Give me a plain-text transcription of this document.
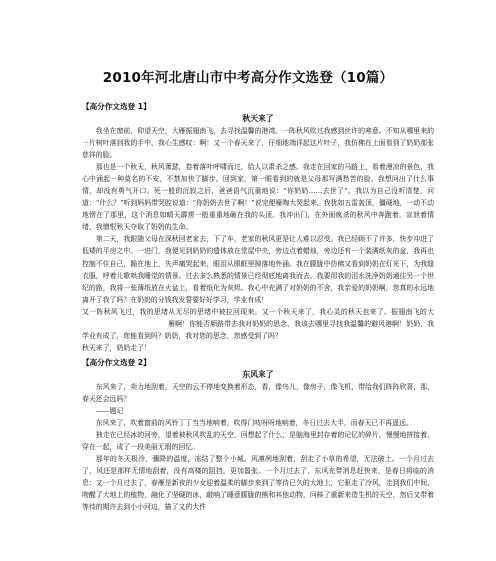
2010年河北唐山市中考高分作文选登（10篇）
【高分作文选登 1】
秋天来了

我坐在窗前，仰望天空，大雁振翅南飞，去寻找温馨的港湾。一阵秋风吹过我感到丝许的寒意。不知从哪里来的一片树叶落到我的手中，我心生感叹：啊！又一个春天来了，仔细地端详起这片叶子，我仿佛在上面看到了奶奶那张慈祥的脸。

那也是一个秋天，秋风萧瑟，卷着落叶呼啸而过，给人以肃杀之感。我走在回家的马路上，看着漫凉的景色，我心中涌起一种莫名的不安，不禁加快了脚步。回到家，第一眼看到的就是父母那写满愁苦的脸。我想问出了什么事情，却没有勇气开口。死一般的沉寂之后，爸爸语气沉重地说：“你奶奶……去世了”。我以为自己没听清楚，问道：“什么？”听到妈妈带哭腔说道：“你奶奶去世了啊！”说完便嚎啕大哭起来，我犹如五雷轰顶，僵硬地，一动不动地愣在了那里，这个消息如晴天霹雳一般重重地砸在我的头顶。我冲出门，在外面疯杀的秋风中奔跑着，宣泄着情绪，我憎恨秋天夺取了奶奶的生命。

第二天，我跟随父母在深秋回老家去，下了车，老家的秋风更是让人难以忍受。我已经顾不了许多，快步冲进了低矮的平房之中。一进门，我便见到奶奶的遗体放在堂屋中央，旁边点着蜡烛，旁边还有一个装满纸灰的盆，我再也控制不住自己，跪在地上，失声痛哭起来，眼泪从眼眶里掉落地外涌。我在朦胧中仿佛又看到奶奶在灯光下，为我缝衣服，呼着儿歌哄我睡觉的情景。过去多么熟悉的情景已经彻底地离我而去。我要用我的泪水洗净奶奶通往另一个世纪的路，我将一张薄纸放在火盆上，看着纸化为灰烬。我心中充满了对奶奶的不舍，我亲爱的奶奶啊，您真的永远地离开了我了吗？在奶奶的分钱我发誓要好好学习，学业有成！

又一阵秋风飞过，我的思绪从无尽的思绪中被拉回现来。又一个秋天来了，我心灵的秋天也来了。振翅南飞的大雁啊！你能否顺路带去我对奶奶的思念，我该去哪里寻找我温馨的避风港啊！奶奶，我学业有成了，您能看到吗？奶奶，我对您的思念，您感受到了吗？

秋天来了，奶奶走了！

【高分作文选登 2】
东风来了

东风来了，卖力地刮着，天空的云不停地变换着形态，看，像鸟儿，像房子，像飞机，带给我们阵阵欣喜，那，春天还会远吗？

——题记

东风来了，吹着窗前的风铃丁丁当当地响着，吹得门吱呀呀地响着，冬日过去大半，而春天已不再遥远。

独走在已经冰的河旁，望着被秋风吹乱的天空，回想起了什么，是脑海里封存着的记忆的碎片，慢慢地拼接着，穿在一起，成了一段美丽无瑕的回忆。

那年的冬天极冷，彌降的温度，冻结了整个小城。风凛冽地刮着，刮走了小草的希望，无法破土。一个月过去了，风还是那样无情地刮着，没有高楼的阻挡，更加嚣张。一个月过去了，东风充带消息赶快来，是春日将临的消息：又一个月过去了，春雁是新夜的少女迎着温柔的脚步来到了等待已久的大地上，它驱走了冷风，走到我们中间，吻醒了大地上的植物，融化了坚硬的冰，敲响了睡意朦胧的熊和其他动物，问候了重新来造生机的天空，然后又带着等待的期许去到小小河边，描了又的大件
